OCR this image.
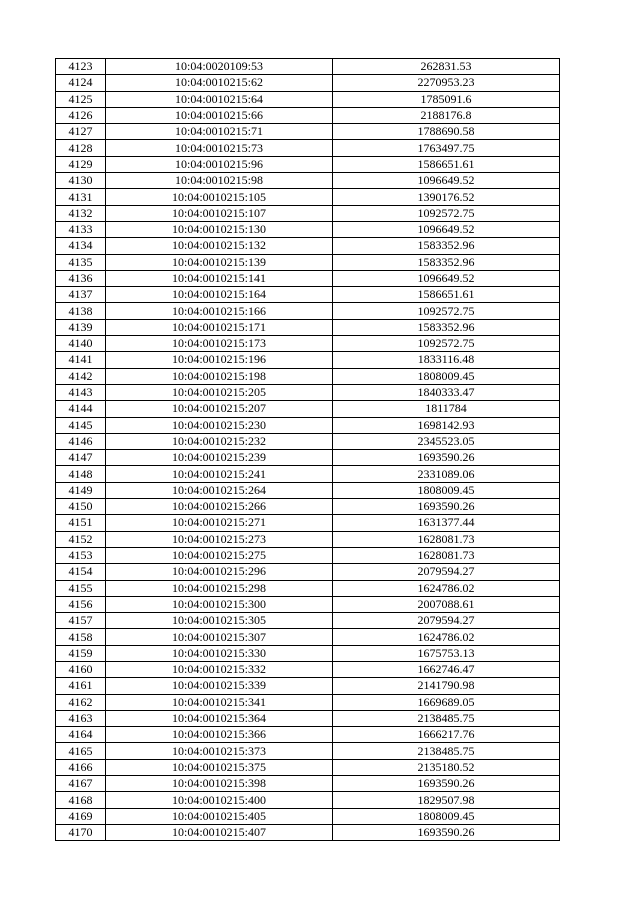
4123	10:04:0020109:53	262831.53
4124	10:04:0010215:62	2270953.23
4125	10:04:0010215:64	1785091.6
4126	10:04:0010215:66	2188176.8
4127	10:04:0010215:71	1788690.58
4128	10:04:0010215:73	1763497.75
4129	10:04:0010215:96	1586651.61
4130	10:04:0010215:98	1096649.52
4131	10:04:0010215:105	1390176.52
4132	10:04:0010215:107	1092572.75
4133	10:04:0010215:130	1096649.52
4134	10:04:0010215:132	1583352.96
4135	10:04:0010215:139	1583352.96
4136	10:04:0010215:141	1096649.52
4137	10:04:0010215:164	1586651.61
4138	10:04:0010215:166	1092572.75
4139	10:04:0010215:171	1583352.96
4140	10:04:0010215:173	1092572.75
4141	10:04:0010215:196	1833116.48
4142	10:04:0010215:198	1808009.45
4143	10:04:0010215:205	1840333.47
4144	10:04:0010215:207	1811784
4145	10:04:0010215:230	1698142.93
4146	10:04:0010215:232	2345523.05
4147	10:04:0010215:239	1693590.26
4148	10:04:0010215:241	2331089.06
4149	10:04:0010215:264	1808009.45
4150	10:04:0010215:266	1693590.26
4151	10:04:0010215:271	1631377.44
4152	10:04:0010215:273	1628081.73
4153	10:04:0010215:275	1628081.73
4154	10:04:0010215:296	2079594.27
4155	10:04:0010215:298	1624786.02
4156	10:04:0010215:300	2007088.61
4157	10:04:0010215:305	2079594.27
4158	10:04:0010215:307	1624786.02
4159	10:04:0010215:330	1675753.13
4160	10:04:0010215:332	1662746.47
4161	10:04:0010215:339	2141790.98
4162	10:04:0010215:341	1669689.05
4163	10:04:0010215:364	2138485.75
4164	10:04:0010215:366	1666217.76
4165	10:04:0010215:373	2138485.75
4166	10:04:0010215:375	2135180.52
4167	10:04:0010215:398	1693590.26
4168	10:04:0010215:400	1829507.98
4169	10:04:0010215:405	1808009.45
4170	10:04:0010215:407	1693590.26
